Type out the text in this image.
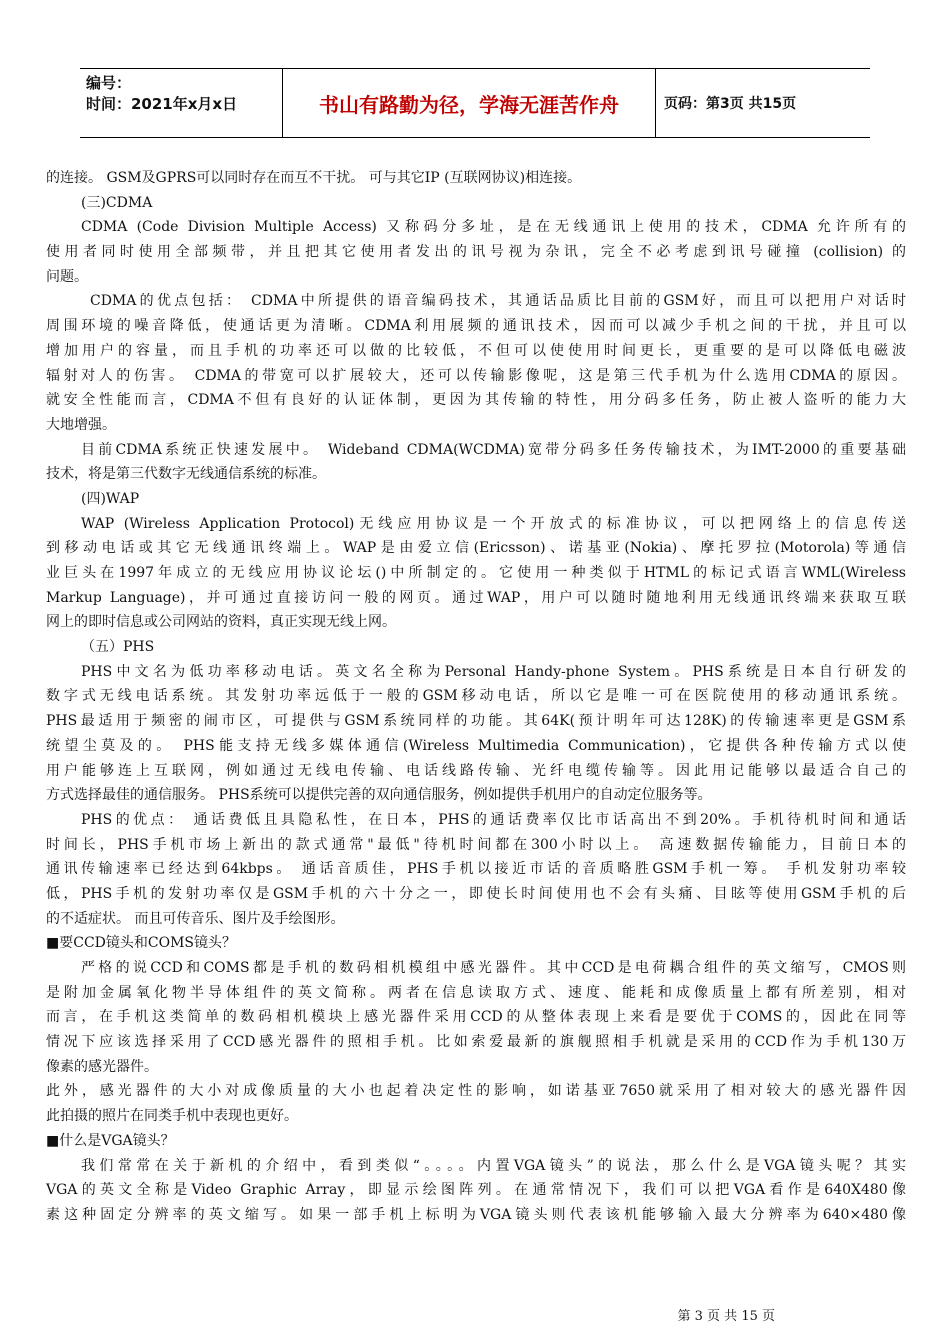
编号：
时间：2021年x月x日	书山有路勤为径，学海无涯苦作舟	页码：第3页 共15页
的连接。 GSM及GPRS可以同时存在而互不干扰。 可与其它IP (互联网协议)相连接。
(三)CDMA
CDMA (Code Division Multiple Access) 又称码分多址，是在无线通讯上使用的技术，CDMA 允许所有的
使用者同时使用全部频带，并且把其它使用者发出的讯号视为杂讯，完全不必考虑到讯号碰撞 (collision) 的
问题。
CDMA的优点包括： CDMA中所提供的语音编码技术，其通话品质比目前的GSM好，而且可以把用户对话时
周围环境的噪音降低，使通话更为清晰。CDMA利用展频的通讯技术，因而可以减少手机之间的干扰，并且可以
增加用户的容量，而且手机的功率还可以做的比较低，不但可以使使用时间更长，更重要的是可以降低电磁波
辐射对人的伤害。 CDMA的带宽可以扩展较大，还可以传输影像呢，这是第三代手机为什么选用CDMA的原因。
就安全性能而言，CDMA不但有良好的认证体制，更因为其传输的特性，用分码多任务，防止被人盗听的能力大
大地增强。
目前CDMA系统正快速发展中。 Wideband CDMA(WCDMA)宽带分码多任务传输技术，为IMT-2000的重要基础
技术，将是第三代数字无线通信系统的标准。
(四)WAP
WAP (Wireless Application Protocol)无线应用协议是一个开放式的标准协议，可以把网络上的信息传送
到移动电话或其它无线通讯终端上。WAP是由爱立信(Ericsson)、诺基亚(Nokia)、摩托罗拉(Motorola)等通信
业巨头在1997年成立的无线应用协议论坛()中所制定的。它使用一种类似于HTML的标记式语言WML(Wireless
Markup Language)，并可通过直接访问一般的网页。通过WAP，用户可以随时随地利用无线通讯终端来获取互联
网上的即时信息或公司网站的资料，真正实现无线上网。
（五）PHS
PHS中文名为低功率移动电话。英文名全称为Personal Handy-phone System。PHS系统是日本自行研发的
数字式无线电话系统。其发射功率远低于一般的GSM移动电话，所以它是唯一可在医院使用的移动通讯系统。
PHS最适用于频密的闹市区，可提供与GSM系统同样的功能。其64K(预计明年可达128K)的传输速率更是GSM系
统望尘莫及的。 PHS能支持无线多媒体通信(Wireless Multimedia Communication)，它提供各种传输方式以使
用户能够连上互联网，例如通过无线电传输、电话线路传输、光纤电缆传输等。因此用记能够以最适合自己的
方式选择最佳的通信服务。 PHS系统可以提供完善的双向通信服务，例如提供手机用户的自动定位服务等。
PHS的优点： 通话费低且具隐私性，在日本，PHS的通话费率仅比市话高出不到20%。手机待机时间和通话
时间长，PHS手机市场上新出的款式通常"最低"待机时间都在300小时以上。 高速数据传输能力，目前日本的
通讯传输速率已经达到64kbps。 通话音质佳，PHS手机以接近市话的音质略胜GSM手机一筹。 手机发射功率较
低，PHS手机的发射功率仅是GSM手机的六十分之一，即使长时间使用也不会有头痛、目眩等使用GSM手机的后
的不适症状。 而且可传音乐、图片及手绘图形。
■要CCD镜头和COMS镜头？
严格的说CCD和COMS都是手机的数码相机模组中感光器件。其中CCD是电荷耦合组件的英文缩写，CMOS则
是附加金属氧化物半导体组件的英文简称。两者在信息读取方式、速度、能耗和成像质量上都有所差别，相对
而言，在手机这类简单的数码相机模块上感光器件采用CCD的从整体表现上来看是要优于COMS的，因此在同等
情况下应该选择采用了CCD感光器件的照相手机。比如索爱最新的旗舰照相手机就是采用的CCD作为手机130万
像素的感光器件。
此外，感光器件的大小对成像质量的大小也起着决定性的影响，如诺基亚7650就采用了相对较大的感光器件因
此拍摄的照片在同类手机中表现也更好。
■什么是VGA镜头？
我们常常在关于新机的介绍中，看到类似“。。。。内置VGA镜头”的说法，那么什么是VGA镜头呢？其实
VGA的英文全称是Video Graphic Array，即显示绘图阵列。在通常情况下，我们可以把VGA看作是640X480像
素这种固定分辨率的英文缩写。如果一部手机上标明为VGA镜头则代表该机能够输入最大分辨率为640×480像
第 3 页 共 15 页
